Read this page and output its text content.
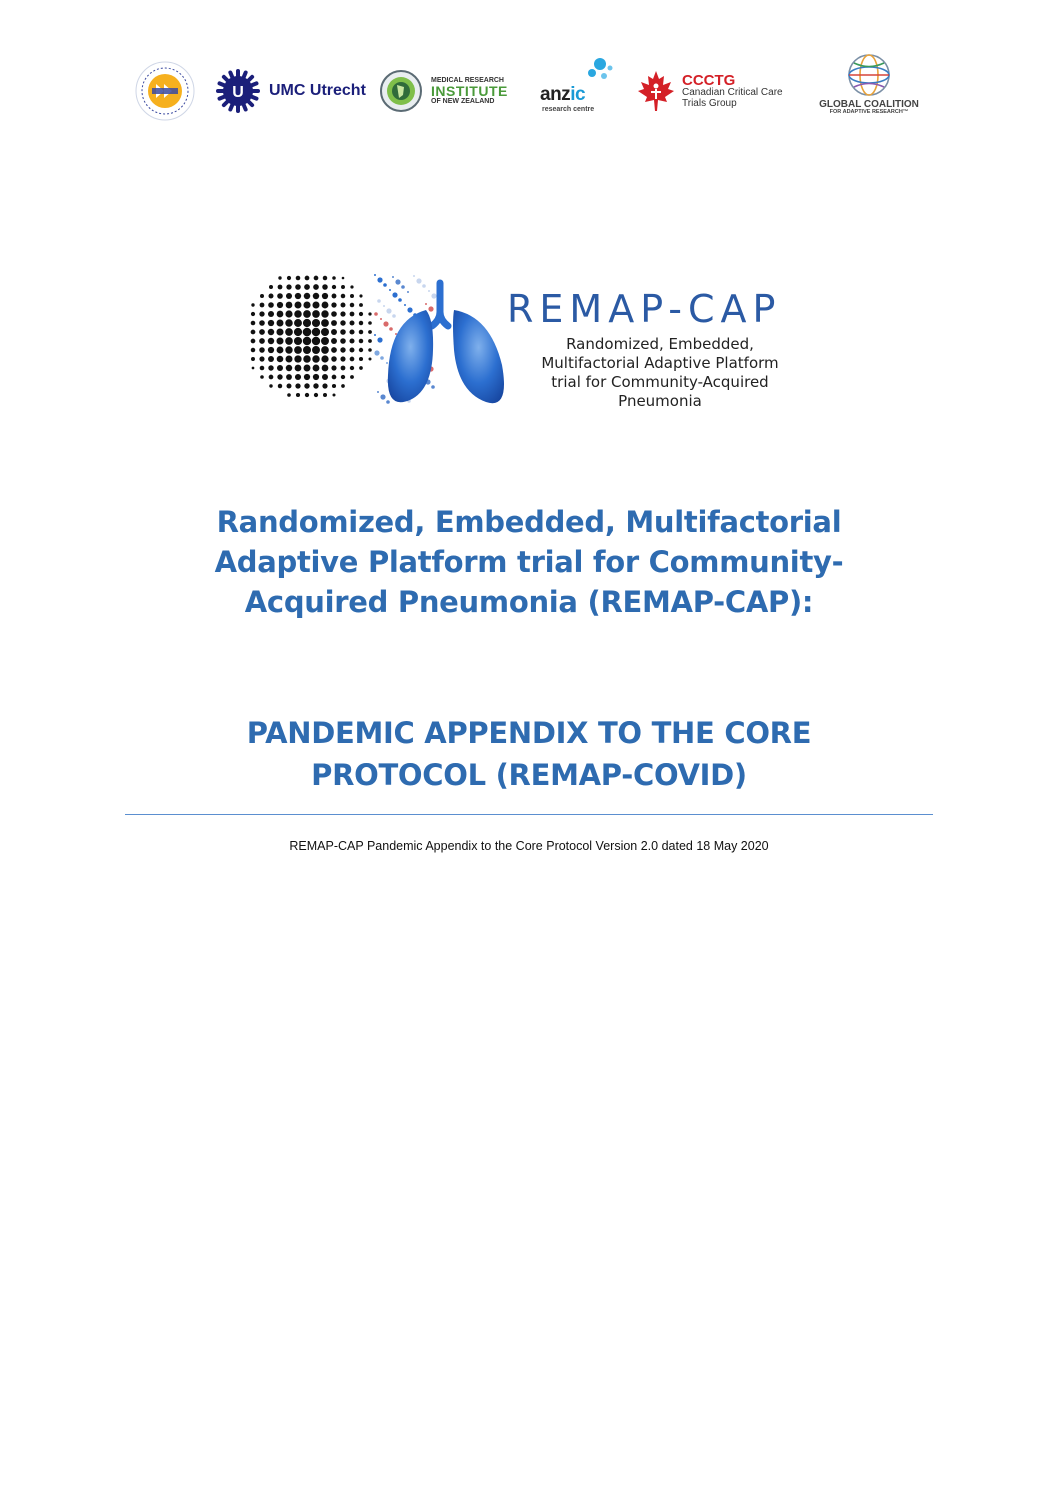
U UMC Utrecht
MEDICAL RESEARCH
INSTITUTE
OF NEW ZEALAND	anzic
research centre
CCCTG
Canadian Critical Care
Trials Group	GLOBAL COALITION
FOR ADAPTIVE RESEARCH™
REMAP-CAP
Randomized, Embedded,
Multifactorial Adaptive Platform
trial for Community-Acquired
Pneumonia
Randomized, Embedded, Multifactorial
Adaptive Platform trial for Community-
Acquired Pneumonia (REMAP-CAP):
PANDEMIC APPENDIX TO THE CORE
PROTOCOL (REMAP-COVID)
REMAP-CAP Pandemic Appendix to the Core Protocol Version 2.0 dated 18 May 2020
